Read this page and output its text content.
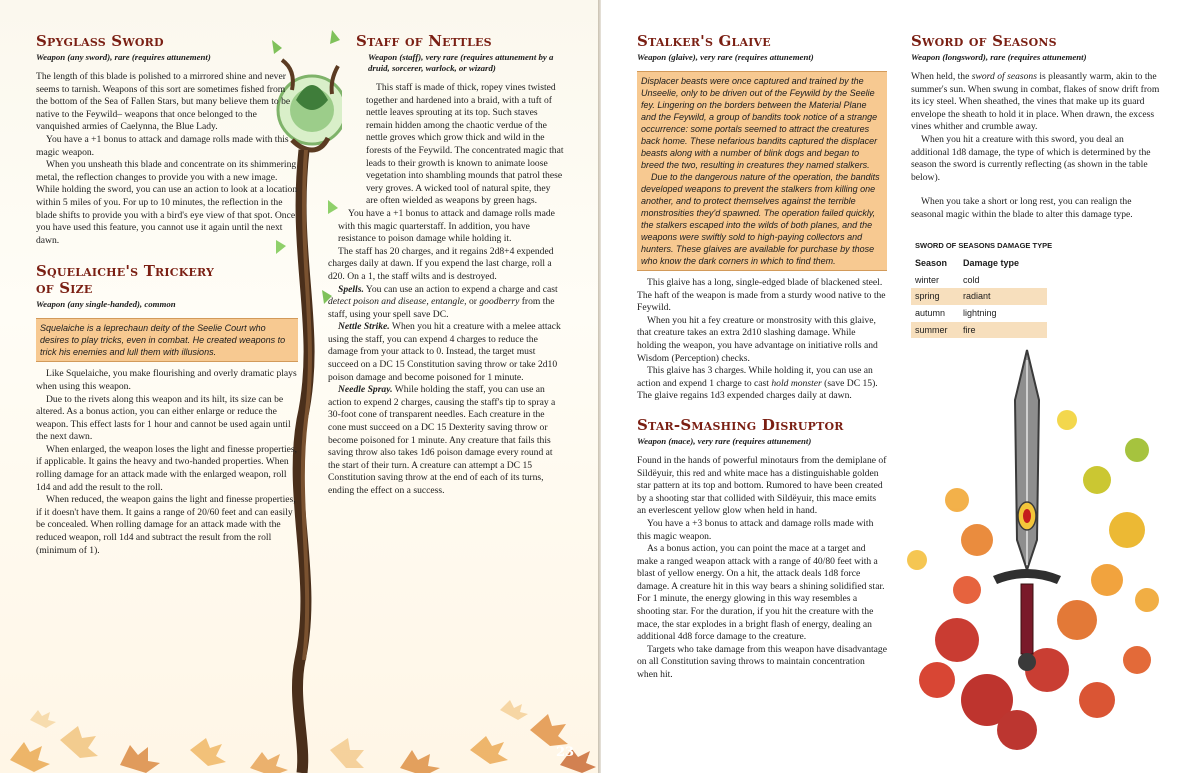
Spyglass Sword
Weapon (any sword), rare (requires attunement)

The length of this blade is polished to a mirrored shine and never seems to tarnish. Weapons of this sort are sometimes fished from the bottom of the Sea of Fallen Stars, but many believe them to be native to the Feywild– weapons that once belonged to the vanquished armies of Caelynna, the Blue Lady.

You have a +1 bonus to attack and damage rolls made with this magic weapon.

When you unsheath this blade and concentrate on its shimmering metal, the reflection changes to provide you with a new image. While holding the sword, you can use an action to look at a location within 5 miles of you. For up to 10 minutes, the reflection in the blade shifts to provide you with a bird's eye view of that spot. Once you have used this feature, you cannot use it again until the next dawn.

Squelaiche's Trickery
of Size
Weapon (any single-handed), common
Squelaiche is a leprechaun deity of the Seelie Court who desires to play tricks, even in combat. He created weapons to trick his enemies and lull them with illusions.

Like Squelaiche, you make flourishing and overly dramatic plays when using this weapon.

Due to the rivets along this weapon and its hilt, its size can be altered. As a bonus action, you can either enlarge or reduce the weapon. This effect lasts for 1 hour and cannot be used again until the next dawn.

When enlarged, the weapon loses the light and finesse properties, if applicable. It gains the heavy and two-handed properties. When rolling damage for an attack made with the enlarged weapon, roll 1d4 and add the result to the roll.

When reduced, the weapon gains the light and finesse properties, if it doesn't have them. It gains a range of 20/60 feet and can easily be concealed. When rolling damage for an attack made with the reduced weapon, roll 1d4 and subtract the result from the roll (minimum of 1).

Staff of Nettles
Weapon (staff), very rare (requires attunement by a druid, sorcerer, warlock, or wizard)

This staff is made of thick, ropey vines twisted together and hardened into a braid, with a tuft of nettle leaves sprouting at its top. Such staves remain hidden among the chaotic verdue of the nettle groves which grow thick and wild in the forests of the Feywild. The concentrated magic that leads to their growth is known to animate loose vegetation into shambling mounds that patrol these very groves. A wicked tool of natural spite, they are often wielded as weapons by green hags.

You have a +1 bonus to attack and damage rolls made with this magic quarterstaff. In addition, you have resistance to poison damage while holding it.

The staff has 20 charges, and it regains 2d8+4 expended charges daily at dawn. If you expend the last charge, roll a d20. On a 1, the staff wilts and is destroyed.

Spells. You can use an action to expend a charge and cast detect poison and disease, entangle, or goodberry from the staff, using your spell save DC.

Nettle Strike. When you hit a creature with a melee attack using the staff, you can expend 4 charges to reduce the damage from your attack to 0. Instead, the target must succeed on a DC 15 Constitution saving throw or take 2d10 poison damage and become poisoned for 1 minute.

Needle Spray. While holding the staff, you can use an action to expend 2 charges, causing the staff's tip to spray a 30-foot cone of transparent needles. Each creature in the cone must succeed on a DC 15 Dexterity saving throw or become poisoned for 1 minute. Any creature that fails this saving throw also takes 1d6 poison damage every round at the start of their turn. A creature can attempt a DC 15 Constitution saving throw at the end of each of its turns, ending the effect on a success.

23
Stalker's Glaive
Weapon (glaive), very rare (requires attunement)

Displacer beasts were once captured and trained by the Unseelie, only to be driven out of the Feywild by the Seelie fey. Lingering on the borders between the Material Plane and the Feywild, a group of bandits took notice of a strange occurrence: some portals seemed to attract the creatures back home. These nefarious bandits captured the displacer beasts along with a number of blink dogs and began to breed the two, resulting in creatures they named stalkers.

Due to the dangerous nature of the operation, the bandits developed weapons to prevent the stalkers from killing one another, and to protect themselves against the terrible monstrosities they'd spawned. The operation failed quickly, the stalkers escaped into the wilds of both planes, and the weapons were swiftly sold to high-paying collectors and hunters. These glaives are available for purchase by those who know the dark corners in which to find them.

This glaive has a long, single-edged blade of blackened steel. The haft of the weapon is made from a sturdy wood native to the Feywild.

When you hit a fey creature or monstrosity with this glaive, that creature takes an extra 2d10 slashing damage. While holding the weapon, you have advantage on initiative rolls and Wisdom (Perception) checks.

This glaive has 3 charges. While holding it, you can use an action and expend 1 charge to cast hold monster (save DC 15). The glaive regains 1d3 expended charges daily at dawn.

Star-Smashing Disruptor
Weapon (mace), very rare (requires attunement)

Found in the hands of powerful minotaurs from the demiplane of Sildëyuir, this red and white mace has a distinguishable golden star pattern at its top and bottom. Rumored to have been created by a shooting star that collided with Sildëyuir, this mace emits an everlescent yellow glow when held in hand.

You have a +3 bonus to attack and damage rolls made with this magic weapon.

As a bonus action, you can point the mace at a target and make a ranged weapon attack with a range of 40/80 feet with a blast of yellow energy. On a hit, the attack deals 1d8 force damage. A creature hit in this way bears a shining solidified star. For 1 minute, the energy glowing in this way resembles a shooting star. For the duration, if you hit the creature with the mace, the star explodes in a bright flash of energy, dealing an additional 4d8 force damage to the creature.

Targets who take damage from this weapon have disadvantage on all Constitution saving throws to maintain concentration when hit.

Sword of Seasons
Weapon (longsword), rare (requires attunement)

When held, the sword of seasons is pleasantly warm, akin to the summer's sun. When swung in combat, flakes of snow drift from its icy steel. When sheathed, the vines that make up its guard envelope the sheath to hold it in place. When drawn, the excess vines whither and crumble away.

When you hit a creature with this sword, you deal an additional 1d8 damage, the type of which is determined by the season the sword is currently reflecting (as shown in the table below).

When you take a short or long rest, you can realign the seasonal magic within the blade to alter this damage type.

SWORD OF SEASONS DAMAGE TYPE
Season	Damage type
winter	cold
spring	radiant
autumn	lightning
summer	fire
